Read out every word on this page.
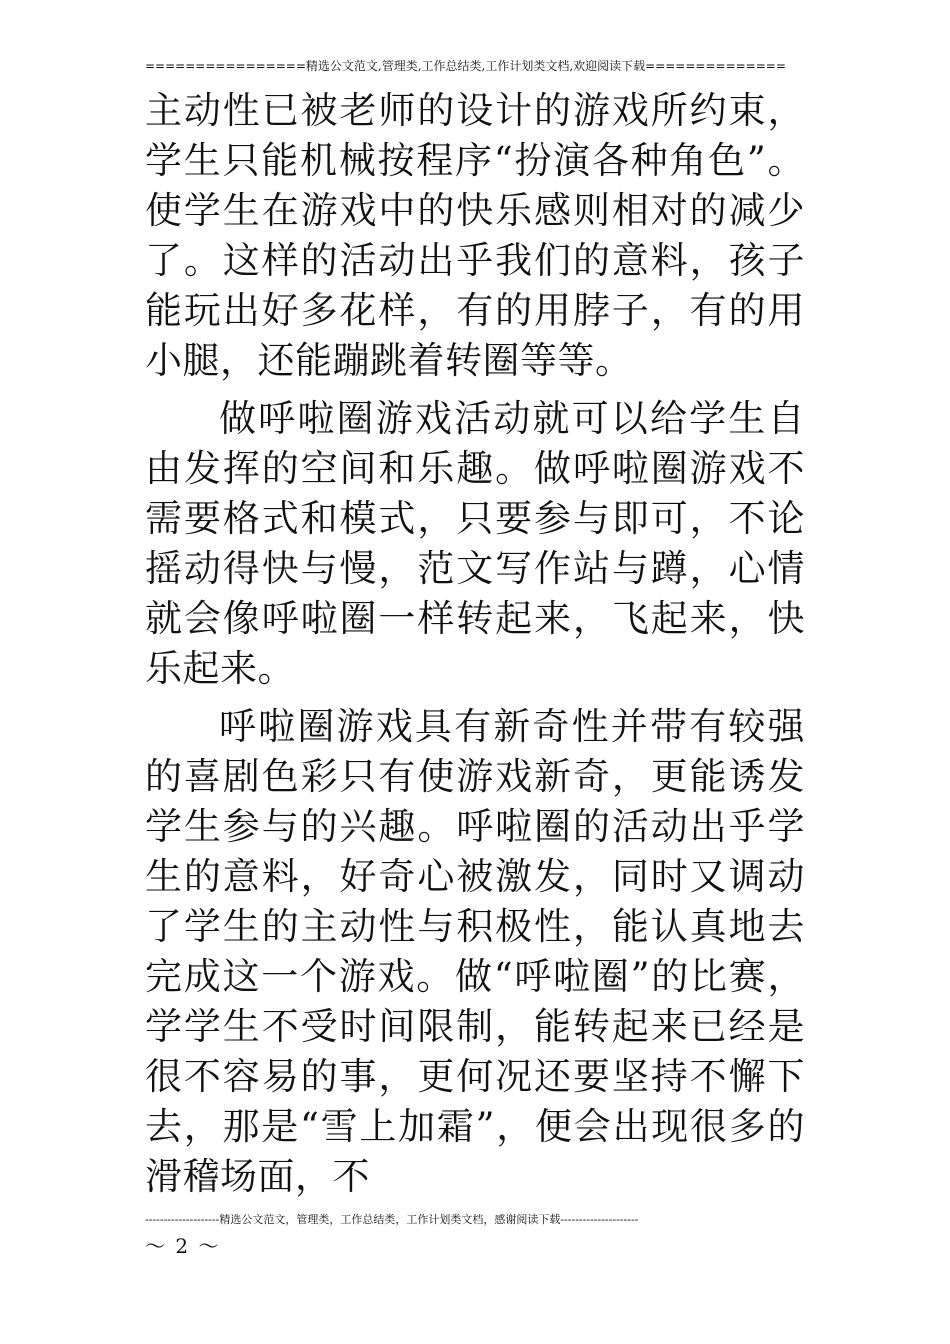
================精选公文范文,管理类,工作总结类,工作计划类文档,欢迎阅读下载==============

主动性已被老师的设计的游戏所约束，学生只能机械按程序“扮演各种角色”。使学生在游戏中的快乐感则相对的减少了。这样的活动出乎我们的意料，孩子能玩出好多花样，有的用脖子，有的用小腿，还能蹦跳着转圈等等。

做呼啦圈游戏活动就可以给学生自由发挥的空间和乐趣。做呼啦圈游戏不需要格式和模式，只要参与即可，不论摇动得快与慢，范文写作站与蹲，心情就会像呼啦圈一样转起来，飞起来，快乐起来。

呼啦圈游戏具有新奇性并带有较强的喜剧色彩只有使游戏新奇，更能诱发学生参与的兴趣。呼啦圈的活动出乎学生的意料，好奇心被激发，同时又调动了学生的主动性与积极性，能认真地去完成这一个游戏。做“呼啦圈”的比赛，学学生不受时间限制，能转起来已经是很不容易的事，更何况还要坚持不懈下去，那是“雪上加霜”，便会出现很多的滑稽场面，不

--------------------精选公文范文，管理类，工作总结类，工作计划类文档，感谢阅读下载---------------------
～ 2 ～
